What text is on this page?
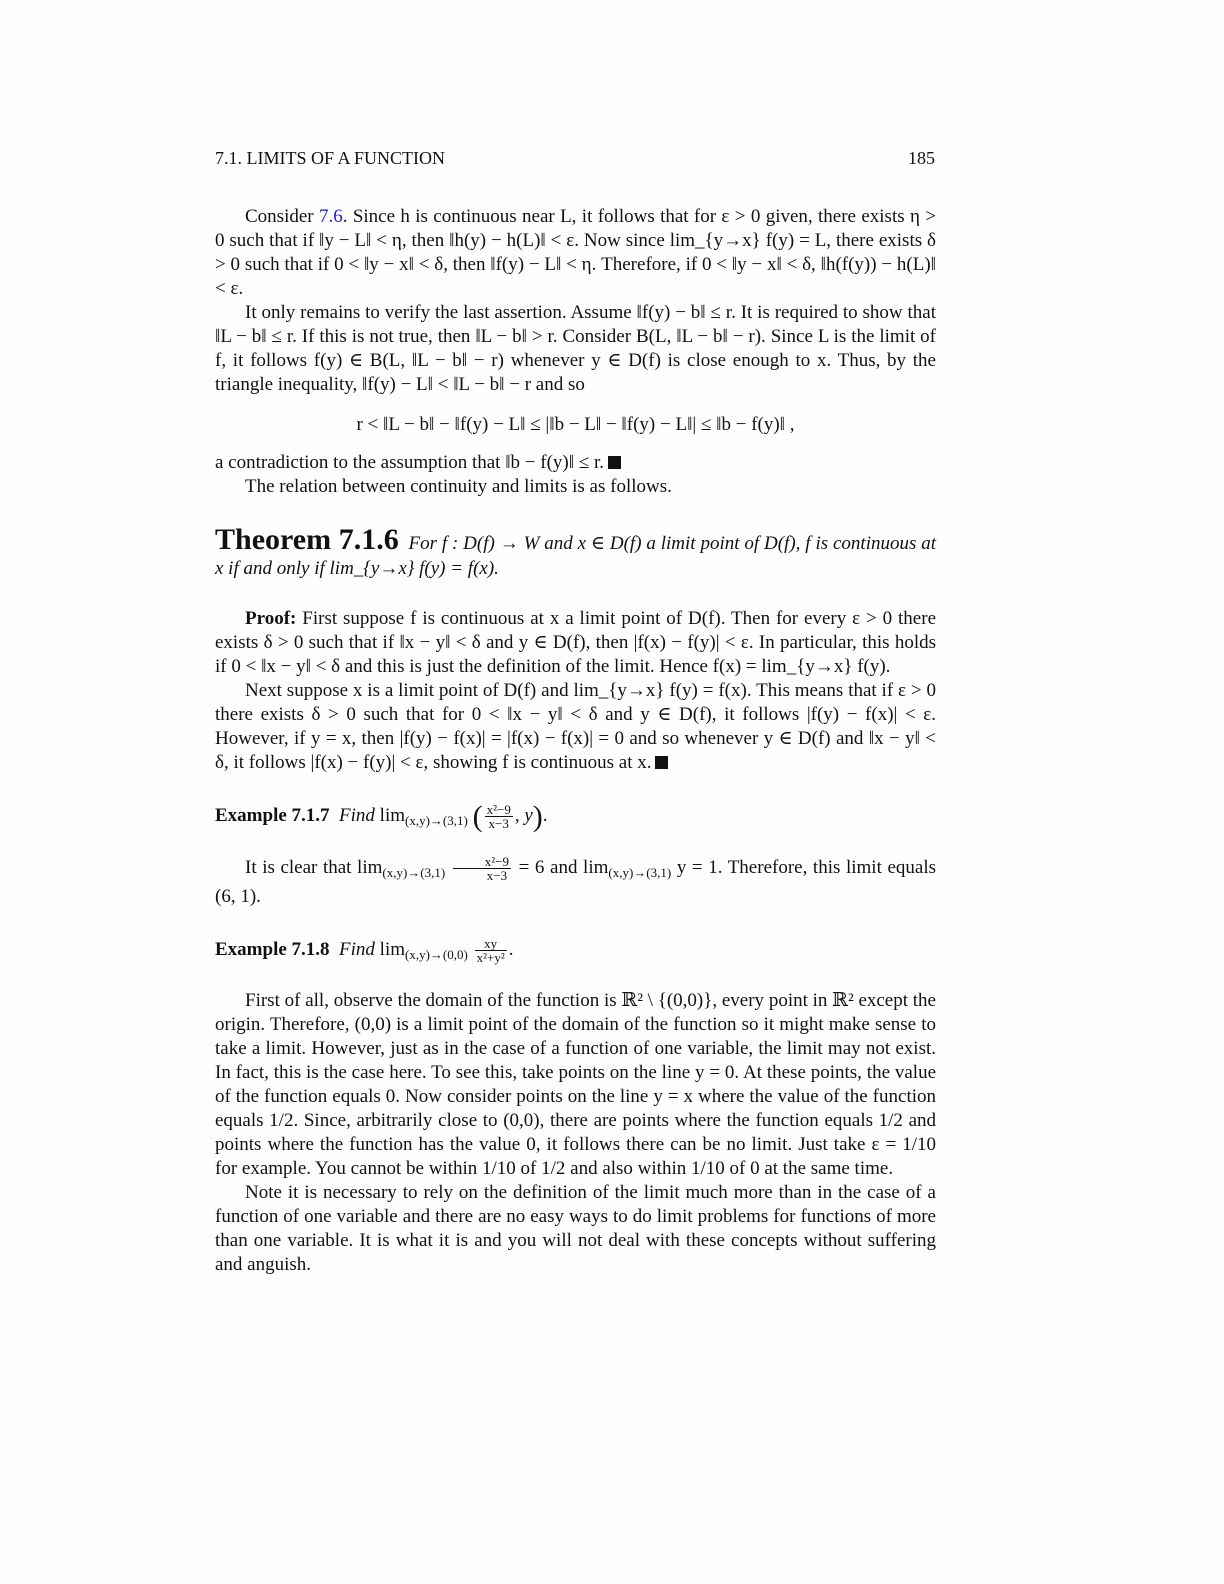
7.1. LIMITS OF A FUNCTION	185

Consider 7.6. Since h is continuous near L, it follows that for ε > 0 given, there exists η > 0 such that if ‖y − L‖ < η, then ‖h(y) − h(L)‖ < ε. Now since lim_{y→x} f(y) = L, there exists δ > 0 such that if 0 < ‖y − x‖ < δ, then ‖f(y) − L‖ < η. Therefore, if 0 < ‖y − x‖ < δ, ‖h(f(y)) − h(L)‖ < ε.

It only remains to verify the last assertion. Assume ‖f(y) − b‖ ≤ r. It is required to show that ‖L − b‖ ≤ r. If this is not true, then ‖L − b‖ > r. Consider B(L, ‖L − b‖ − r). Since L is the limit of f, it follows f(y) ∈ B(L, ‖L − b‖ − r) whenever y ∈ D(f) is close enough to x. Thus, by the triangle inequality, ‖f(y) − L‖ < ‖L − b‖ − r and so

r < ‖L − b‖ − ‖f(y) − L‖ ≤ |‖b − L‖ − ‖f(y) − L‖| ≤ ‖b − f(y)‖ ,

a contradiction to the assumption that ‖b − f(y)‖ ≤ r.

The relation between continuity and limits is as follows.

Theorem 7.1.6 For f : D(f) → W and x ∈ D(f) a limit point of D(f), f is continuous at x if and only if lim_{y→x} f(y) = f(x).

Proof: First suppose f is continuous at x a limit point of D(f). Then for every ε > 0 there exists δ > 0 such that if ‖x − y‖ < δ and y ∈ D(f), then |f(x) − f(y)| < ε. In particular, this holds if 0 < ‖x − y‖ < δ and this is just the definition of the limit. Hence f(x) = lim_{y→x} f(y).

Next suppose x is a limit point of D(f) and lim_{y→x} f(y) = f(x). This means that if ε > 0 there exists δ > 0 such that for 0 < ‖x − y‖ < δ and y ∈ D(f), it follows |f(y) − f(x)| < ε. However, if y = x, then |f(y) − f(x)| = |f(x) − f(x)| = 0 and so whenever y ∈ D(f) and ‖x − y‖ < δ, it follows |f(x) − f(y)| < ε, showing f is continuous at x.

Example 7.1.7 Find $\lim_{(x,y)\to(3,1)}$ ( $\frac{\text{x²−9}}{x-3}$ , y).

It is clear that $\lim_{(x,y)\to(3,1)} \frac{\text{x²−9}}{x-3} = 6$ and $\lim_{(x,y)\to(3,1)} y = 1$. Therefore, this limit equals (6, 1).

Example 7.1.8 Find $\lim_{(x,y)\to(0,0)} \frac{xy}{\text{x²+y²}}$ .

First of all, observe the domain of the function is ℝ² \ {(0,0)}, every point in ℝ² except the origin. Therefore, (0,0) is a limit point of the domain of the function so it might make sense to take a limit. However, just as in the case of a function of one variable, the limit may not exist. In fact, this is the case here. To see this, take points on the line y = 0. At these points, the value of the function equals 0. Now consider points on the line y = x where the value of the function equals 1/2. Since, arbitrarily close to (0,0), there are points where the function equals 1/2 and points where the function has the value 0, it follows there can be no limit. Just take ε = 1/10 for example. You cannot be within 1/10 of 1/2 and also within 1/10 of 0 at the same time.

Note it is necessary to rely on the definition of the limit much more than in the case of a function of one variable and there are no easy ways to do limit problems for functions of more than one variable. It is what it is and you will not deal with these concepts without suffering and anguish.
